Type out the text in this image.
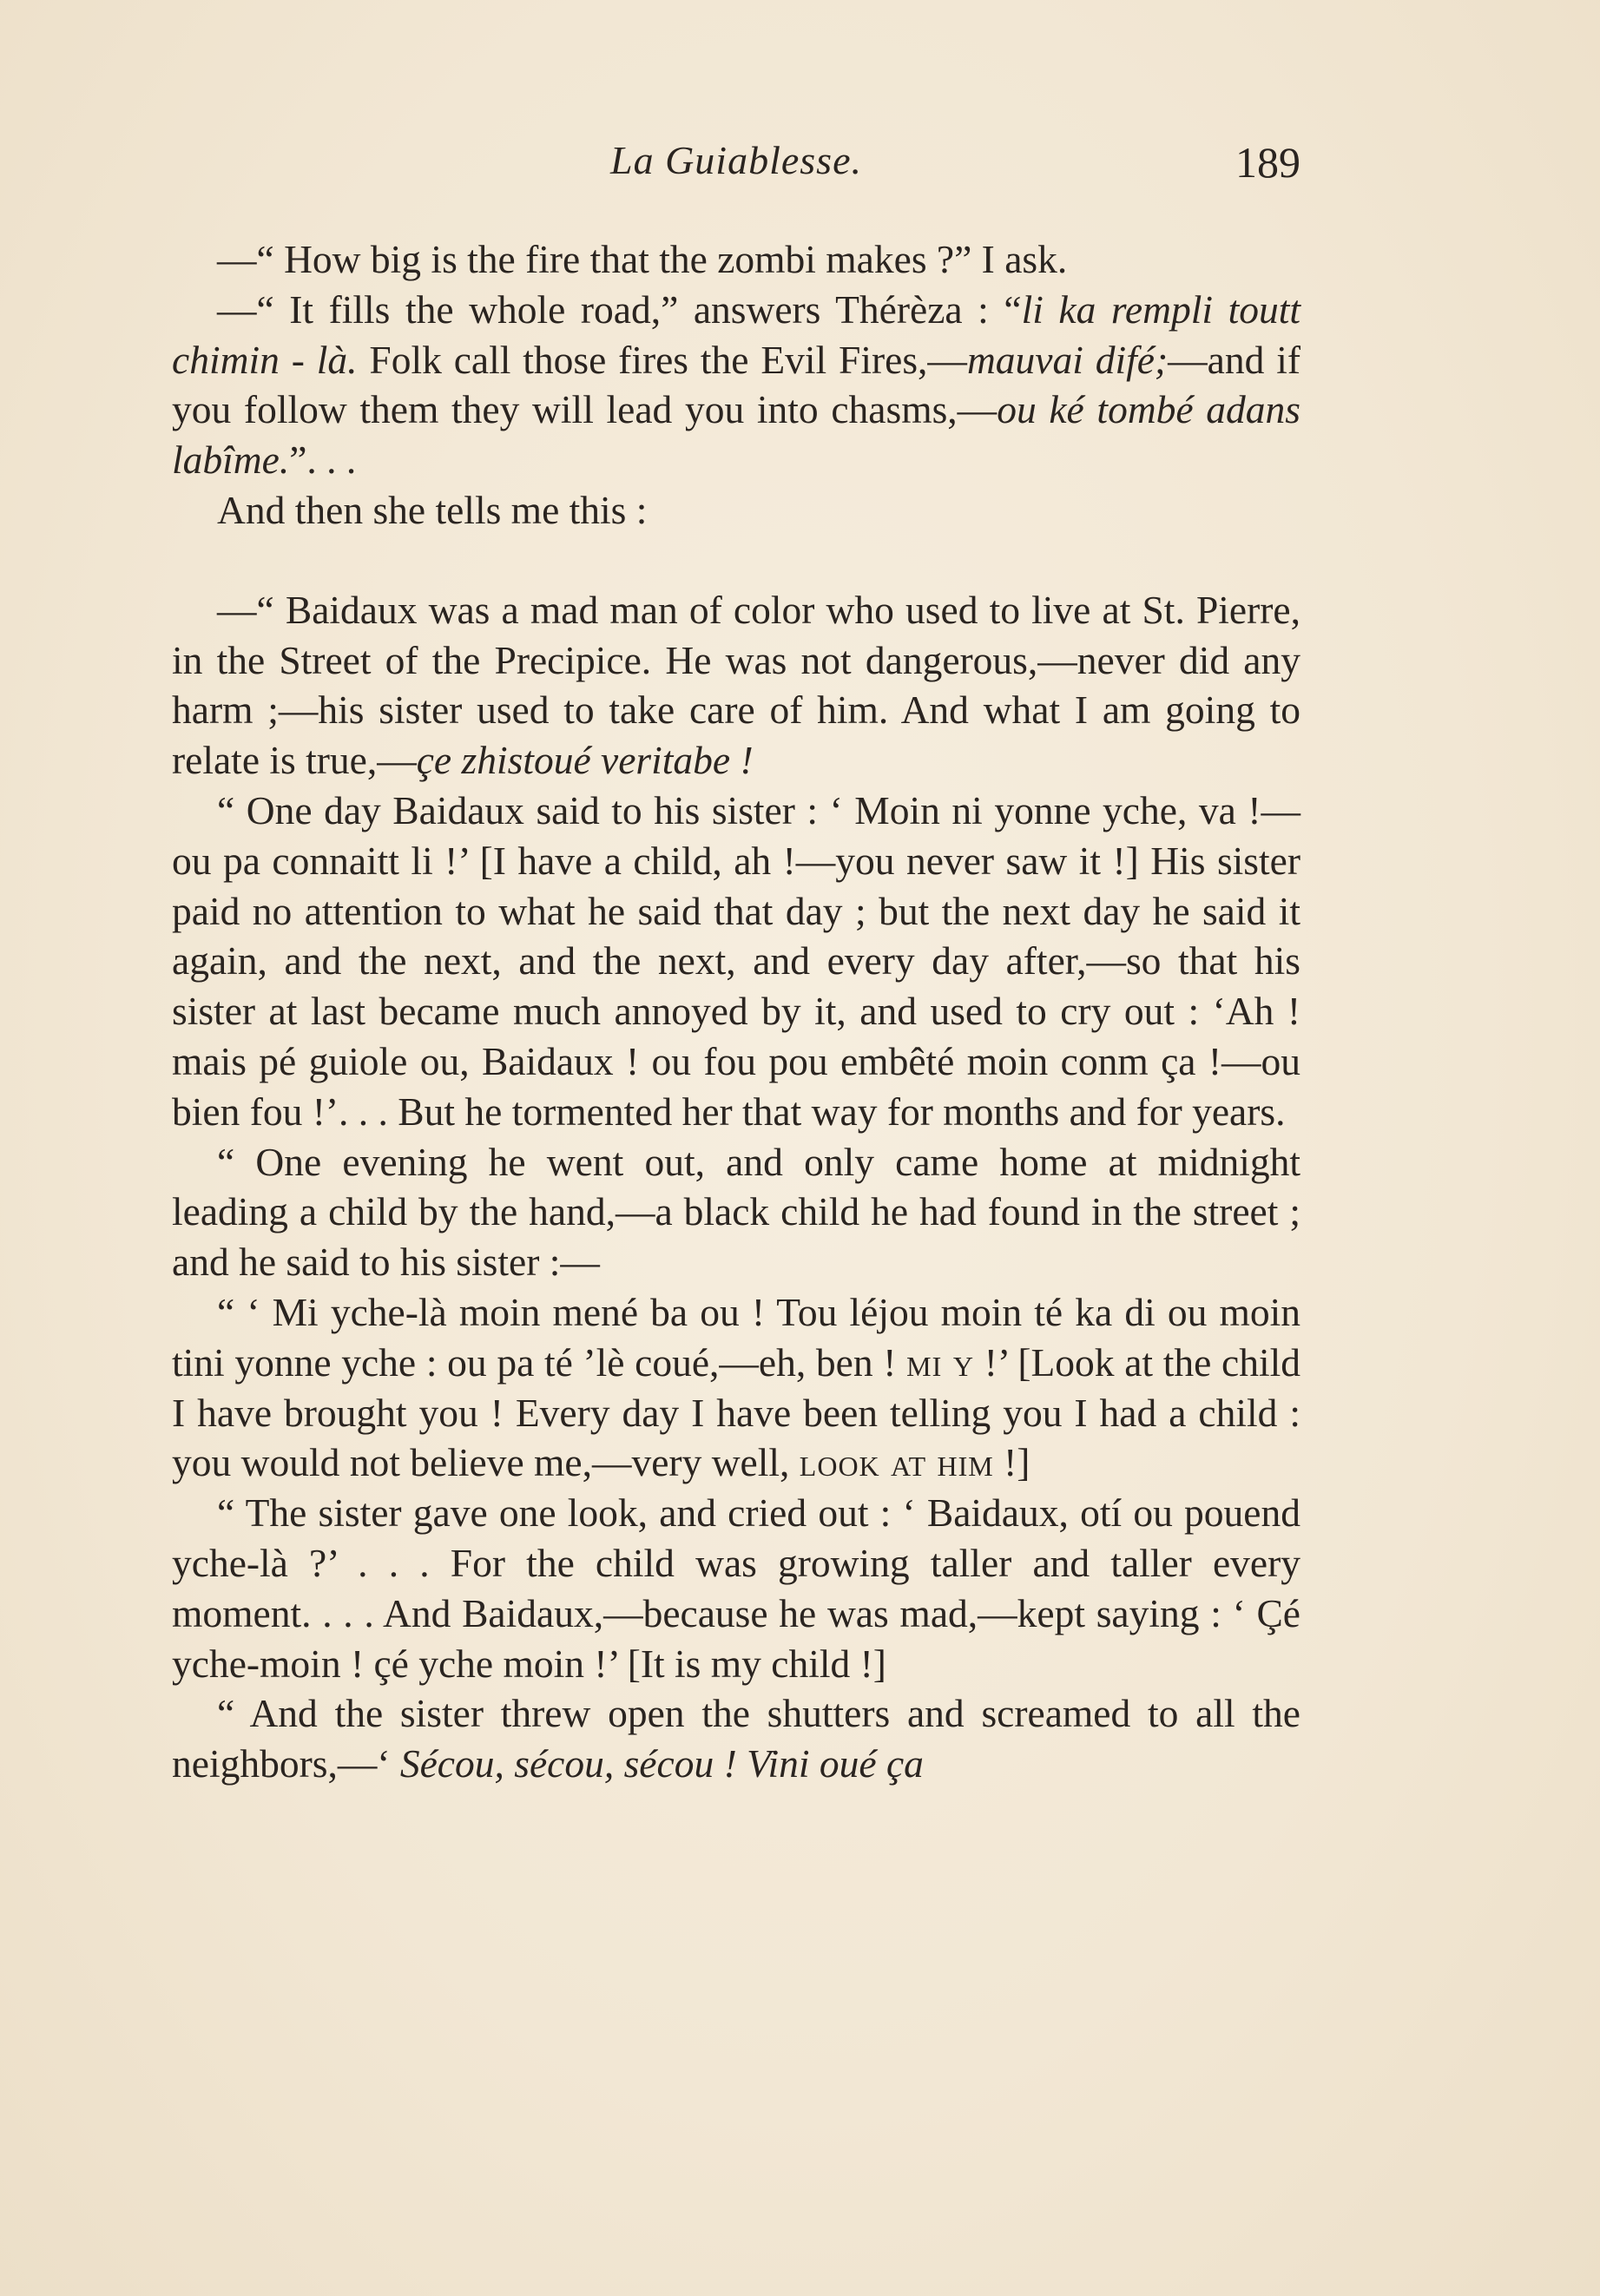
La Guiablesse.	189

—“ How big is the fire that the zombi makes ?” I ask.

—“ It fills the whole road,” answers Thérèza : “li ka rempli toutt chimin - là. Folk call those fires the Evil Fires,—mauvai difé;—and if you follow them they will lead you into chasms,—ou ké tombé adans labîme.”. . .

And then she tells me this :

—“ Baidaux was a mad man of color who used to live at St. Pierre, in the Street of the Precipice. He was not dangerous,—never did any harm ;—his sister used to take care of him. And what I am going to relate is true,—çe zhistoué veritabe !

“ One day Baidaux said to his sister : ‘ Moin ni yonne yche, va !—ou pa connaitt li !’ [I have a child, ah !—you never saw it !] His sister paid no attention to what he said that day ; but the next day he said it again, and the next, and the next, and every day after,—so that his sister at last became much annoyed by it, and used to cry out : ‘Ah ! mais pé guiole ou, Baidaux ! ou fou pou embêté moin conm ça !—ou bien fou !’. . . But he tormented her that way for months and for years.

“ One evening he went out, and only came home at midnight leading a child by the hand,—a black child he had found in the street ; and he said to his sister :—

“ ‘ Mi yche-là moin mené ba ou ! Tou léjou moin té ka di ou moin tini yonne yche : ou pa té ’lè coué,—eh, ben ! mi y !’ [Look at the child I have brought you ! Every day I have been telling you I had a child : you would not believe me,—very well, look at him !]

“ The sister gave one look, and cried out : ‘ Baidaux, otí ou pouend yche-là ?’ . . . For the child was growing taller and taller every moment. . . . And Baidaux,—because he was mad,—kept saying : ‘ Çé yche-moin ! çé yche moin !’ [It is my child !]

“ And the sister threw open the shutters and screamed to all the neighbors,—‘ Sécou, sécou, sécou ! Vini oué ça
